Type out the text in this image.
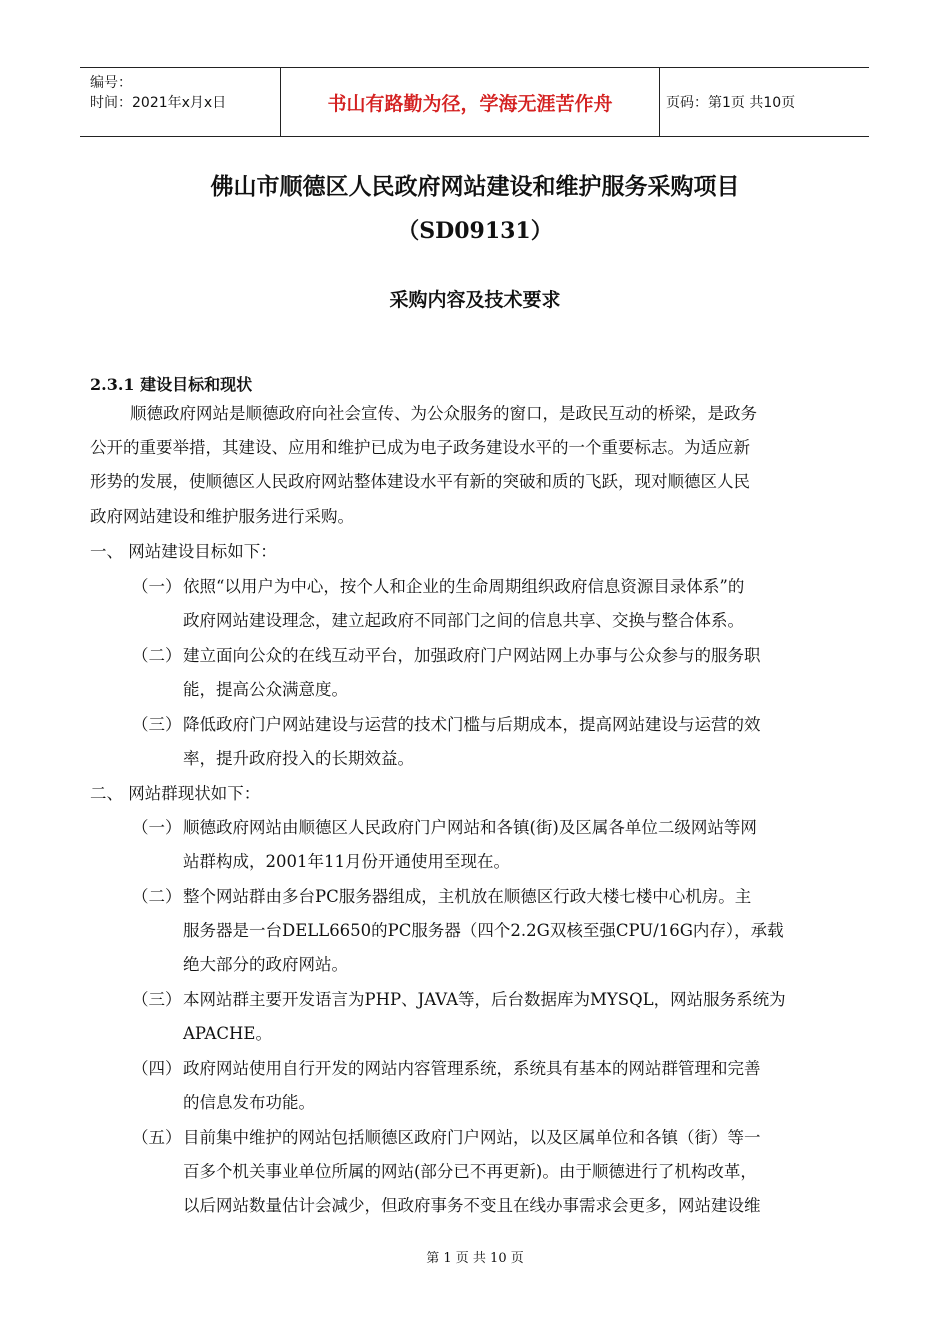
编号：
时间：2021年x月x日	书山有路勤为径，学海无涯苦作舟	页码：第1页 共10页
佛山市顺德区人民政府网站建设和维护服务采购项目
（SD09131）
采购内容及技术要求
2.3.1 建设目标和现状
顺德政府网站是顺德政府向社会宣传、为公众服务的窗口，是政民互动的桥梁，是政务
公开的重要举措，其建设、应用和维护已成为电子政务建设水平的一个重要标志。为适应新
形势的发展，使顺德区人民政府网站整体建设水平有新的突破和质的飞跃，现对顺德区人民
政府网站建设和维护服务进行采购。
一、 网站建设目标如下：
（一） 依照“以用户为中心，按个人和企业的生命周期组织政府信息资源目录体系”的
政府网站建设理念，建立起政府不同部门之间的信息共享、交换与整合体系。
（二） 建立面向公众的在线互动平台，加强政府门户网站网上办事与公众参与的服务职
能，提高公众满意度。
（三） 降低政府门户网站建设与运营的技术门槛与后期成本，提高网站建设与运营的效
率，提升政府投入的长期效益。
二、 网站群现状如下：
（一） 顺德政府网站由顺德区人民政府门户网站和各镇(街)及区属各单位二级网站等网
站群构成，2001年11月份开通使用至现在。
（二） 整个网站群由多台PC服务器组成，主机放在顺德区行政大楼七楼中心机房。主
服务器是一台DELL6650的PC服务器（四个2.2G双核至强CPU/16G内存），承载
绝大部分的政府网站。
（三） 本网站群主要开发语言为PHP、JAVA等，后台数据库为MYSQL，网站服务系统为
APACHE。
（四） 政府网站使用自行开发的网站内容管理系统，系统具有基本的网站群管理和完善
的信息发布功能。
（五） 目前集中维护的网站包括顺德区政府门户网站，以及区属单位和各镇（街）等一
百多个机关事业单位所属的网站(部分已不再更新)。由于顺德进行了机构改革，
以后网站数量估计会减少，但政府事务不变且在线办事需求会更多，网站建设维
第 1 页 共 10 页
